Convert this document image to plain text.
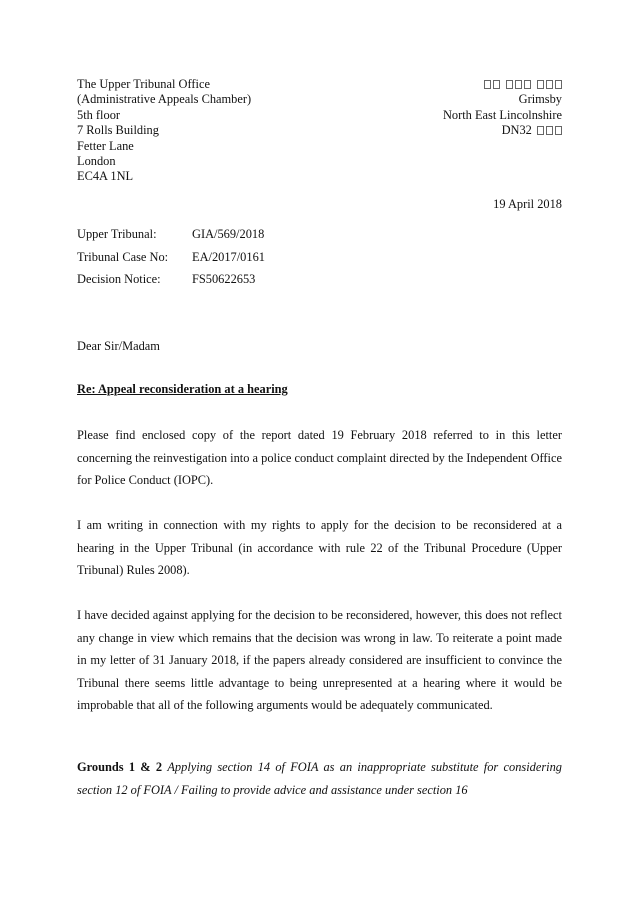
The Upper Tribunal Office
(Administrative Appeals Chamber)
5th floor
7 Rolls Building
Fetter Lane
London
EC4A 1NL
Grimsby
North East Lincolnshire
DN32
19 April 2018
Upper Tribunal:	GIA/569/2018
Tribunal Case No: EA/2017/0161
Decision Notice:	FS50622653
Dear Sir/Madam
Re: Appeal reconsideration at a hearing

Please find enclosed copy of the report dated 19 February 2018 referred to in this letter concerning the reinvestigation into a police conduct complaint directed by the Independent Office for Police Conduct (IOPC).

I am writing in connection with my rights to apply for the decision to be reconsidered at a hearing in the Upper Tribunal (in accordance with rule 22 of the Tribunal Procedure (Upper Tribunal) Rules 2008).

I have decided against applying for the decision to be reconsidered, however, this does not reflect any change in view which remains that the decision was wrong in law. To reiterate a point made in my letter of 31 January 2018, if the papers already considered are insufficient to convince the Tribunal there seems little advantage to being unrepresented at a hearing where it would be improbable that all of the following arguments would be adequately communicated.

Grounds 1 & 2 Applying section 14 of FOIA as an inappropriate substitute for considering section 12 of FOIA / Failing to provide advice and assistance under section 16
